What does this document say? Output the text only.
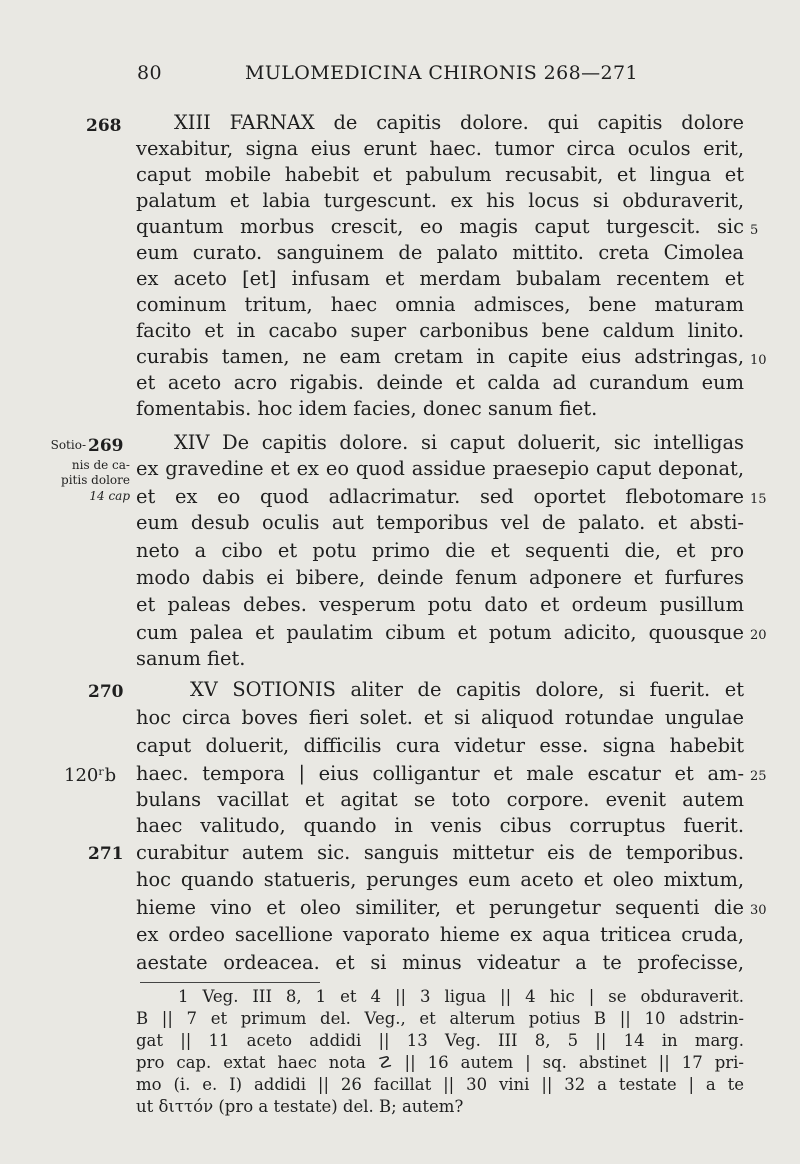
80	MULOMEDICINA CHIRONIS 268—271
268
269
270
120ʳb
271
Sotio-
nis de ca-
pitis dolore
14 cap
XIII FARNAX de capitis dolore. qui capitis dolore
vexabitur, signa eius erunt haec. tumor circa oculos erit,
caput mobile habebit et pabulum recusabit, et lingua et
palatum et labia turgescunt. ex his locus si obduraverit,
quantum morbus crescit, eo magis caput turgescit. sic
eum curato. sanguinem de palato mittito. creta Cimolea
ex aceto [et] infusam et merdam bubalam recentem et
cominum tritum, haec omnia admisces, bene maturam
facito et in cacabo super carbonibus bene caldum linito.
curabis tamen, ne eam cretam in capite eius adstringas,
et aceto acro rigabis. deinde et calda ad curandum eum
fomentabis. hoc idem facies, donec sanum fiet.
XIV De capitis dolore. si caput doluerit, sic intelligas
ex gravedine et ex eo quod assidue praesepio caput deponat,
et ex eo quod adlacrimatur. sed oportet flebotomare
eum desub oculis aut temporibus vel de palato. et absti-
neto a cibo et potu primo die et sequenti die, et pro
modo dabis ei bibere, deinde fenum adponere et furfures
et paleas debes. vesperum potu dato et ordeum pusillum
cum palea et paulatim cibum et potum adicito, quousque
sanum fiet.
XV SOTIONIS aliter de capitis dolore, si fuerit. et
hoc circa boves fieri solet. et si aliquod rotundae ungulae
caput doluerit, difficilis cura videtur esse. signa habebit
haec. tempora | eius colligantur et male escatur et am-
bulans vacillat et agitat se toto corpore. evenit autem
haec valitudo, quando in venis cibus corruptus fuerit.
curabitur autem sic. sanguis mittetur eis de temporibus.
hoc quando statueris, perunges eum aceto et oleo mixtum,
hieme vino et oleo similiter, et perungetur sequenti die
ex ordeo sacellione vaporato hieme ex aqua triticea cruda,
aestate ordeacea. et si minus videatur a te profecisse,
5
10
15
20
25
30
1 Veg. III 8, 1 et 4 || 3 ligua || 4 hic | se obduraverit.
B || 7 et primum del. Veg., et alterum potius B || 10 adstrin-
gat || 11 aceto addidi || 13 Veg. III 8, 5 || 14 in marg.
pro cap. extat haec nota ☡ || 16 autem | sq. abstinet || 17 pri-
mo (i. e. I) addidi || 26 facillat || 30 vini || 32 a testate | a te
ut διττόν (pro a testate) del. B; autem?
